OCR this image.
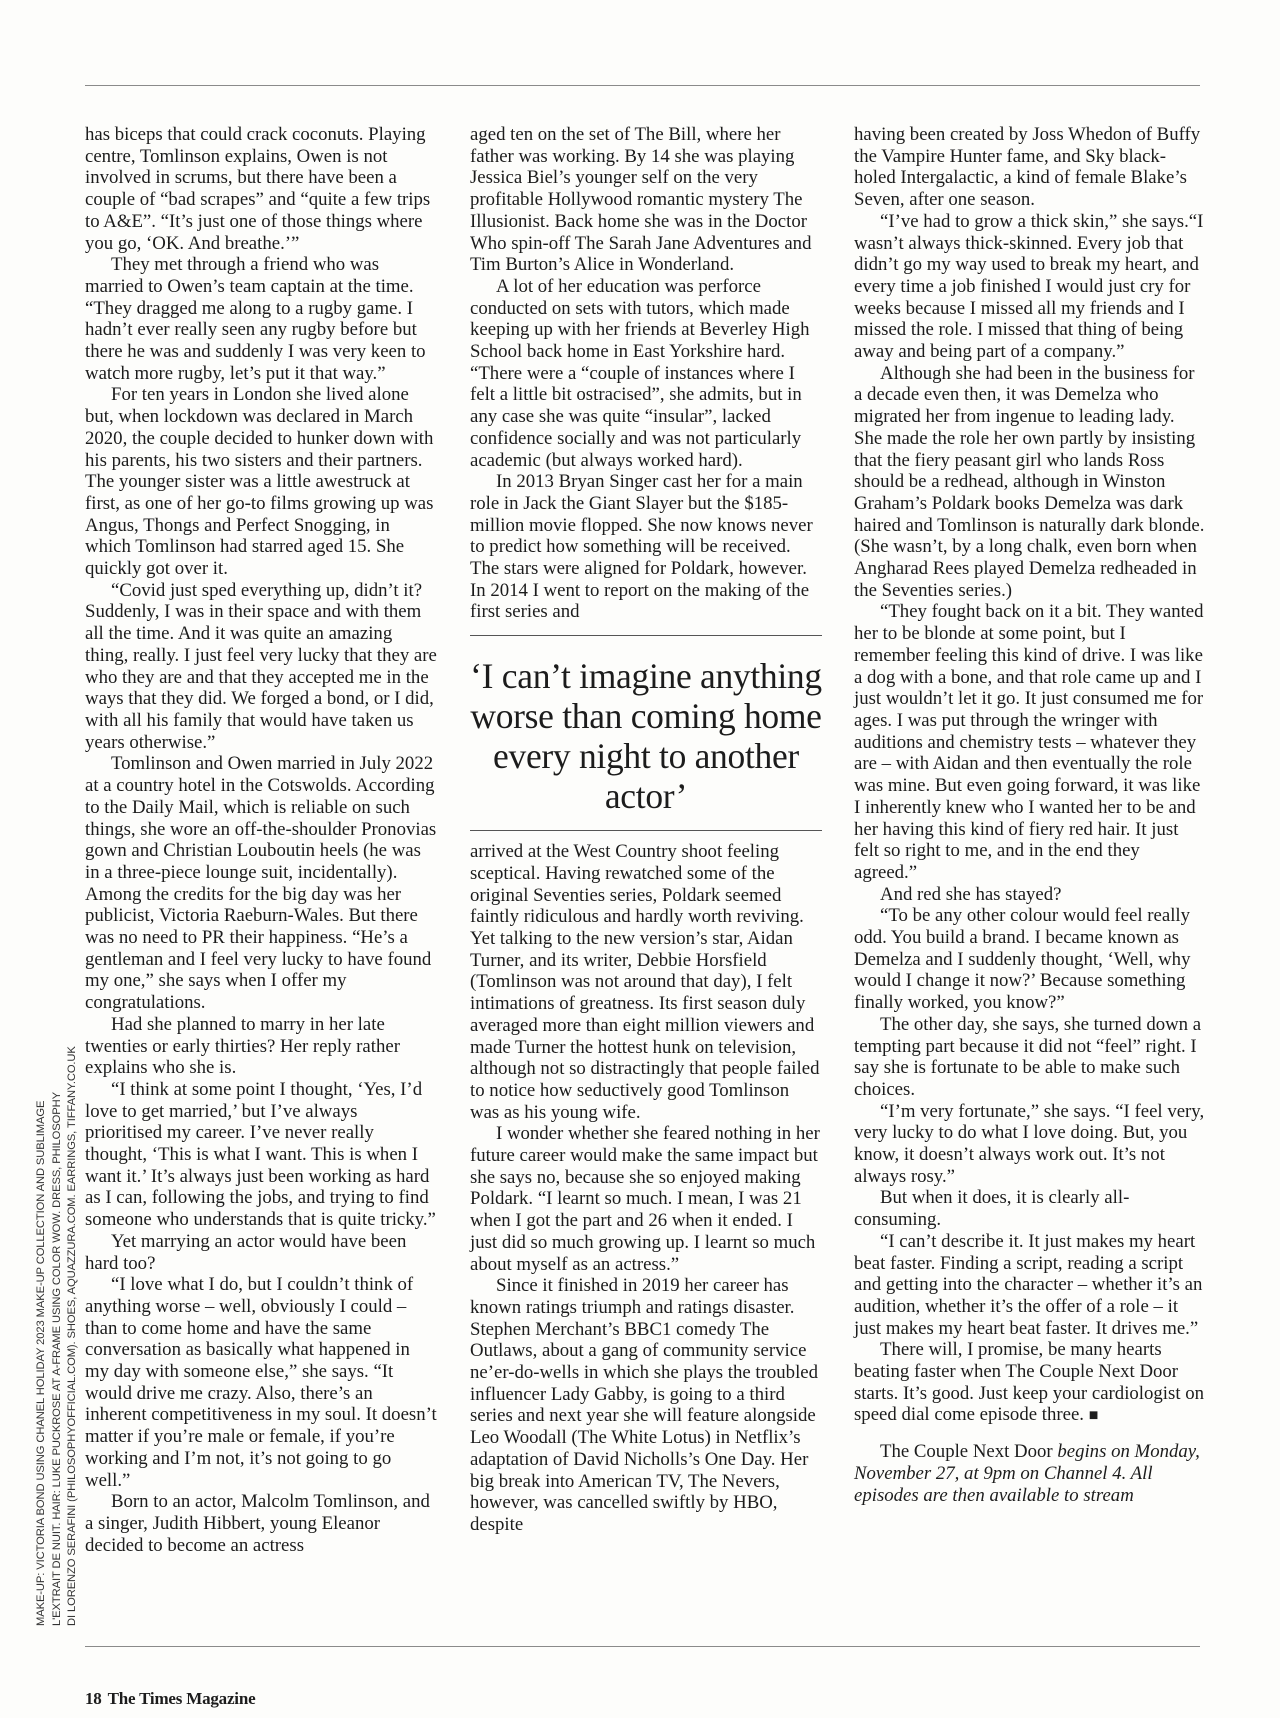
MAKE-UP: VICTORIA BOND USING CHANEL HOLIDAY 2023 MAKE-UP COLLECTION AND SUBLIMAGE L'EXTRAIT DE NUIT. HAIR: LUKE PUCKROSE AT A-FRAME USING COLOR WOW. DRESS, PHILOSOPHY DI LORENZO SERAFINI (PHILOSOPHYOFFICIAL.COM). SHOES, AQUAZZURA.COM. EARRINGS, TIFFANY.CO.UK

has biceps that could crack coconuts. Playing centre, Tomlinson explains, Owen is not involved in scrums, but there have been a couple of “bad scrapes” and “quite a few trips to A&E”. “It’s just one of those things where you go, ‘OK. And breathe.’”

They met through a friend who was married to Owen’s team captain at the time. “They dragged me along to a rugby game. I hadn’t ever really seen any rugby before but there he was and suddenly I was very keen to watch more rugby, let’s put it that way.”

For ten years in London she lived alone but, when lockdown was declared in March 2020, the couple decided to hunker down with his parents, his two sisters and their partners. The younger sister was a little awestruck at first, as one of her go-to films growing up was Angus, Thongs and Perfect Snogging, in which Tomlinson had starred aged 15. She quickly got over it.

“Covid just sped everything up, didn’t it? Suddenly, I was in their space and with them all the time. And it was quite an amazing thing, really. I just feel very lucky that they are who they are and that they accepted me in the ways that they did. We forged a bond, or I did, with all his family that would have taken us years otherwise.”

Tomlinson and Owen married in July 2022 at a country hotel in the Cotswolds. According to the Daily Mail, which is reliable on such things, she wore an off-the-shoulder Pronovias gown and Christian Louboutin heels (he was in a three-piece lounge suit, incidentally). Among the credits for the big day was her publicist, Victoria Raeburn-Wales. But there was no need to PR their happiness. “He’s a gentleman and I feel very lucky to have found my one,” she says when I offer my congratulations.

Had she planned to marry in her late twenties or early thirties? Her reply rather explains who she is.

“I think at some point I thought, ‘Yes, I’d love to get married,’ but I’ve always prioritised my career. I’ve never really thought, ‘This is what I want. This is when I want it.’ It’s always just been working as hard as I can, following the jobs, and trying to find someone who understands that is quite tricky.”

Yet marrying an actor would have been hard too?

“I love what I do, but I couldn’t think of anything worse – well, obviously I could – than to come home and have the same conversation as basically what happened in my day with someone else,” she says. “It would drive me crazy. Also, there’s an inherent competitiveness in my soul. It doesn’t matter if you’re male or female, if you’re working and I’m not, it’s not going to go well.”

Born to an actor, Malcolm Tomlinson, and a singer, Judith Hibbert, young Eleanor decided to become an actress

aged ten on the set of The Bill, where her father was working. By 14 she was playing Jessica Biel’s younger self on the very profitable Hollywood romantic mystery The Illusionist. Back home she was in the Doctor Who spin-off The Sarah Jane Adventures and Tim Burton’s Alice in Wonderland.

A lot of her education was perforce conducted on sets with tutors, which made keeping up with her friends at Beverley High School back home in East Yorkshire hard. “There were a “couple of instances where I felt a little bit ostracised”, she admits, but in any case she was quite “insular”, lacked confidence socially and was not particularly academic (but always worked hard).

In 2013 Bryan Singer cast her for a main role in Jack the Giant Slayer but the $185-million movie flopped. She now knows never to predict how something will be received. The stars were aligned for Poldark, however. In 2014 I went to report on the making of the first series and

‘I can’t imagine anything worse than coming home every night to another actor’

arrived at the West Country shoot feeling sceptical. Having rewatched some of the original Seventies series, Poldark seemed faintly ridiculous and hardly worth reviving. Yet talking to the new version’s star, Aidan Turner, and its writer, Debbie Horsfield (Tomlinson was not around that day), I felt intimations of greatness. Its first season duly averaged more than eight million viewers and made Turner the hottest hunk on television, although not so distractingly that people failed to notice how seductively good Tomlinson was as his young wife.

I wonder whether she feared nothing in her future career would make the same impact but she says no, because she so enjoyed making Poldark. “I learnt so much. I mean, I was 21 when I got the part and 26 when it ended. I just did so much growing up. I learnt so much about myself as an actress.”

Since it finished in 2019 her career has known ratings triumph and ratings disaster. Stephen Merchant’s BBC1 comedy The Outlaws, about a gang of community service ne’er-do-wells in which she plays the troubled influencer Lady Gabby, is going to a third series and next year she will feature alongside Leo Woodall (The White Lotus) in Netflix’s adaptation of David Nicholls’s One Day. Her big break into American TV, The Nevers, however, was cancelled swiftly by HBO, despite

having been created by Joss Whedon of Buffy the Vampire Hunter fame, and Sky black-holed Intergalactic, a kind of female Blake’s Seven, after one season.

“I’ve had to grow a thick skin,” she says.“I wasn’t always thick-skinned. Every job that didn’t go my way used to break my heart, and every time a job finished I would just cry for weeks because I missed all my friends and I missed the role. I missed that thing of being away and being part of a company.”

Although she had been in the business for a decade even then, it was Demelza who migrated her from ingenue to leading lady. She made the role her own partly by insisting that the fiery peasant girl who lands Ross should be a redhead, although in Winston Graham’s Poldark books Demelza was dark haired and Tomlinson is naturally dark blonde. (She wasn’t, by a long chalk, even born when Angharad Rees played Demelza redheaded in the Seventies series.)

“They fought back on it a bit. They wanted her to be blonde at some point, but I remember feeling this kind of drive. I was like a dog with a bone, and that role came up and I just wouldn’t let it go. It just consumed me for ages. I was put through the wringer with auditions and chemistry tests – whatever they are – with Aidan and then eventually the role was mine. But even going forward, it was like I inherently knew who I wanted her to be and her having this kind of fiery red hair. It just felt so right to me, and in the end they agreed.”

And red she has stayed?

“To be any other colour would feel really odd. You build a brand. I became known as Demelza and I suddenly thought, ‘Well, why would I change it now?’ Because something finally worked, you know?”

The other day, she says, she turned down a tempting part because it did not “feel” right. I say she is fortunate to be able to make such choices.

“I’m very fortunate,” she says. “I feel very, very lucky to do what I love doing. But, you know, it doesn’t always work out. It’s not always rosy.”

But when it does, it is clearly all-consuming.

“I can’t describe it. It just makes my heart beat faster. Finding a script, reading a script and getting into the character – whether it’s an audition, whether it’s the offer of a role – it just makes my heart beat faster. It drives me.”

There will, I promise, be many hearts beating faster when The Couple Next Door starts. It’s good. Just keep your cardiologist on speed dial come episode three. ■

The Couple Next Door begins on Monday, November 27, at 9pm on Channel 4. All episodes are then available to stream

18 The Times Magazine
